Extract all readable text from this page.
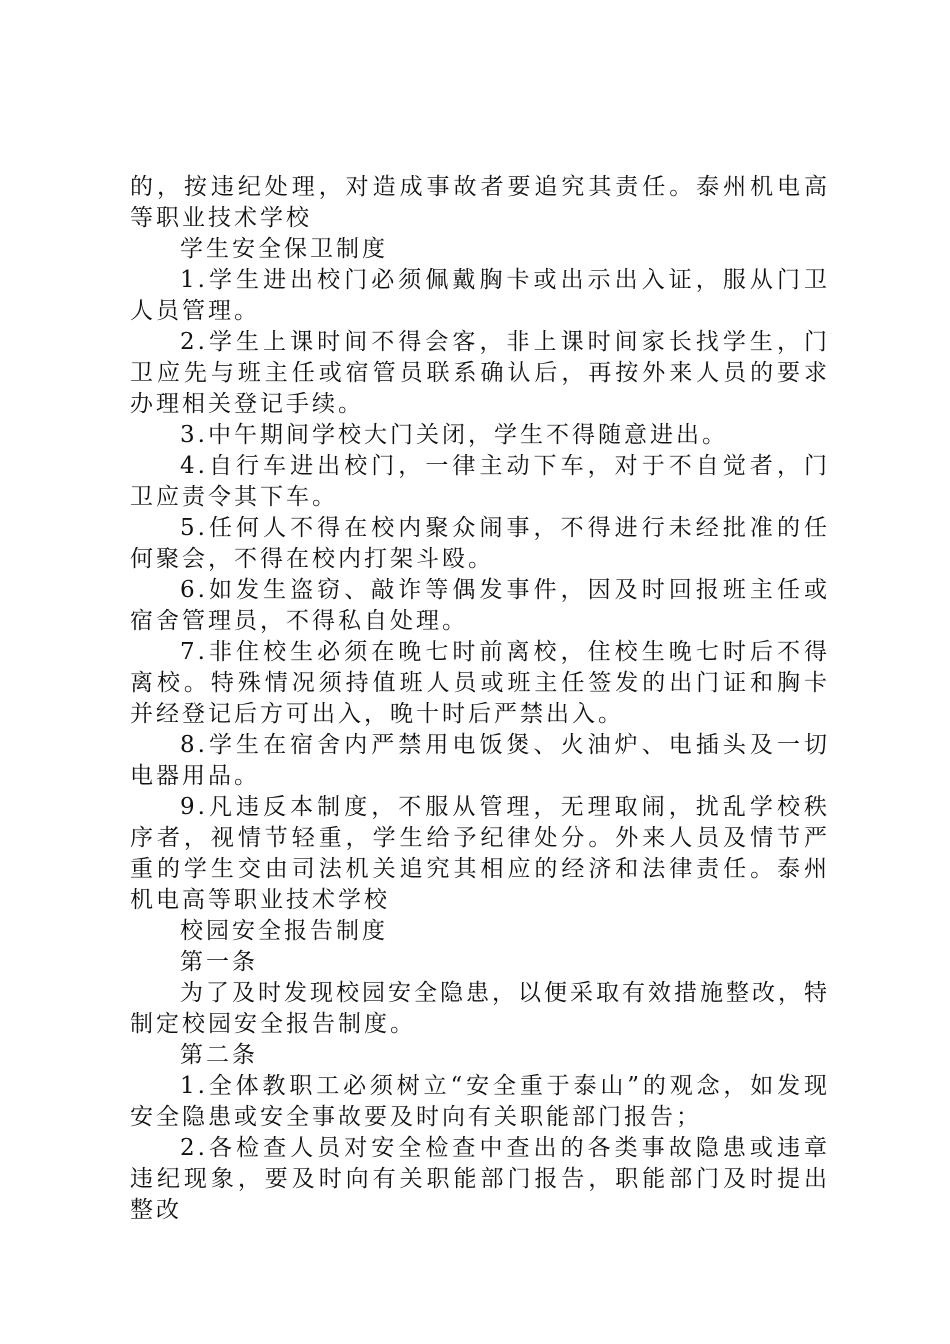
的，按违纪处理，对造成事故者要追究其责任。泰州机电高等职业技术学校

学生安全保卫制度

1.学生进出校门必须佩戴胸卡或出示出入证，服从门卫人员管理。

2.学生上课时间不得会客，非上课时间家长找学生，门卫应先与班主任或宿管员联系确认后，再按外来人员的要求办理相关登记手续。

3.中午期间学校大门关闭，学生不得随意进出。

4.自行车进出校门，一律主动下车，对于不自觉者，门卫应责令其下车。

5.任何人不得在校内聚众闹事，不得进行未经批准的任何聚会，不得在校内打架斗殴。

6.如发生盗窃、敲诈等偶发事件，因及时回报班主任或宿舍管理员，不得私自处理。

7.非住校生必须在晚七时前离校，住校生晚七时后不得离校。特殊情况须持值班人员或班主任签发的出门证和胸卡并经登记后方可出入，晚十时后严禁出入。

8.学生在宿舍内严禁用电饭煲、火油炉、电插头及一切电器用品。

9.凡违反本制度，不服从管理，无理取闹，扰乱学校秩序者，视情节轻重，学生给予纪律处分。外来人员及情节严重的学生交由司法机关追究其相应的经济和法律责任。泰州机电高等职业技术学校

校园安全报告制度

第一条

为了及时发现校园安全隐患，以便采取有效措施整改，特制定校园安全报告制度。

第二条

1.全体教职工必须树立“安全重于泰山”的观念，如发现安全隐患或安全事故要及时向有关职能部门报告；

2.各检查人员对安全检查中查出的各类事故隐患或违章违纪现象，要及时向有关职能部门报告，职能部门及时提出整改
